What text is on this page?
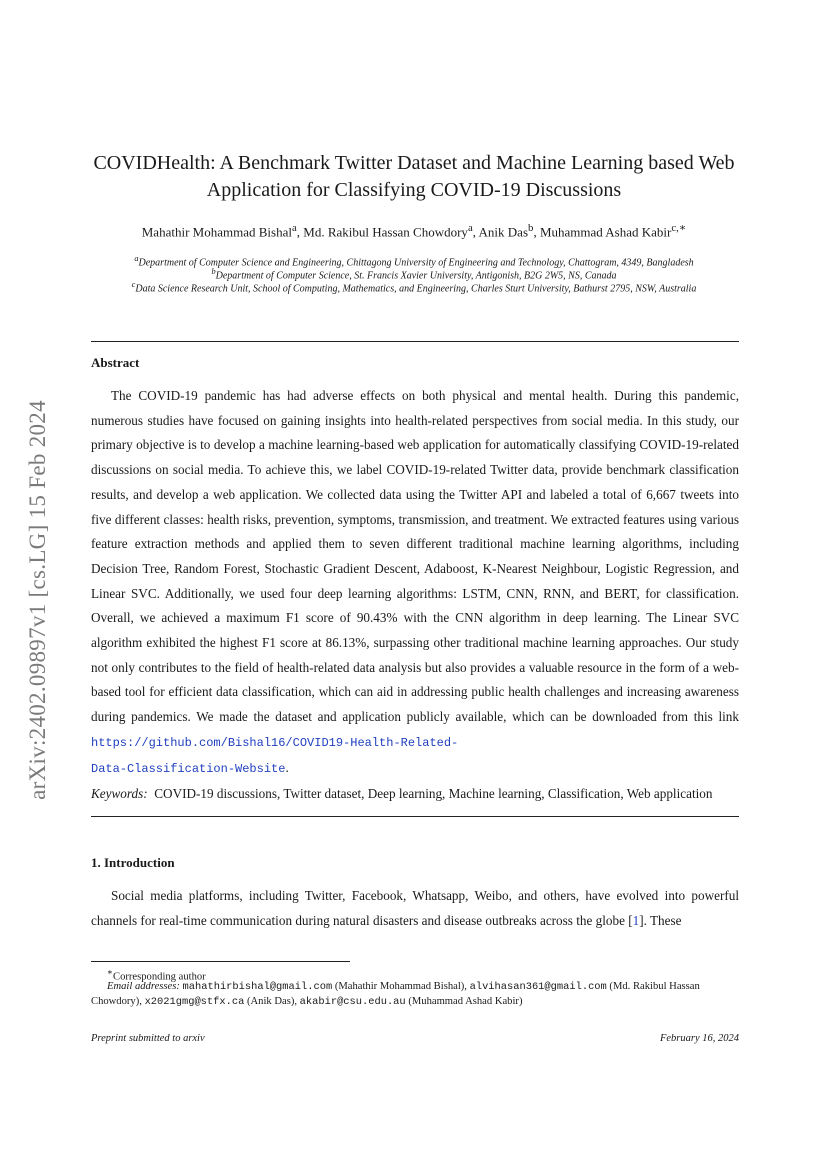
arXiv:2402.09897v1 [cs.LG] 15 Feb 2024
COVIDHealth: A Benchmark Twitter Dataset and Machine Learning based Web
Application for Classifying COVID-19 Discussions
Mahathir Mohammad Bishal$^a$, Md. Rakibul Hassan Chowdory$^a$, Anik Das$^b$, Muhammad Ashad Kabir$^{c,∗}$
$^a$Department of Computer Science and Engineering, Chittagong University of Engineering and Technology, Chattogram, 4349, Bangladesh
$^b$Department of Computer Science, St. Francis Xavier University, Antigonish, B2G 2W5, NS, Canada
$^c$Data Science Research Unit, School of Computing, Mathematics, and Engineering, Charles Sturt University, Bathurst 2795, NSW, Australia
Abstract
The COVID-19 pandemic has had adverse effects on both physical and mental health. During this pandemic, numerous studies have focused on gaining insights into health-related perspectives from social media. In this study, our primary objective is to develop a machine learning-based web application for automatically classifying COVID-19-related discussions on social media. To achieve this, we label COVID-19-related Twitter data, provide benchmark classification results, and develop a web application. We collected data using the Twitter API and labeled a total of 6,667 tweets into five different classes: health risks, prevention, symptoms, transmission, and treatment. We extracted features using various feature extraction methods and applied them to seven different traditional machine learning algorithms, including Decision Tree, Random Forest, Stochastic Gradient Descent, Adaboost, K-Nearest Neighbour, Logistic Regression, and Linear SVC. Additionally, we used four deep learning algorithms: LSTM, CNN, RNN, and BERT, for classification. Overall, we achieved a maximum F1 score of 90.43% with the CNN algorithm in deep learning. The Linear SVC algorithm exhibited the highest F1 score at 86.13%, surpassing other traditional machine learning approaches. Our study not only contributes to the field of health-related data analysis but also provides a valuable resource in the form of a web-based tool for efficient data classification, which can aid in addressing public health challenges and increasing awareness during pandemics. We made the dataset and application publicly available, which can be downloaded from this link https://github.com/Bishal16/COVID19-Health-Related-
Data-Classification-Website.
Keywords: COVID-19 discussions, Twitter dataset, Deep learning, Machine learning, Classification, Web application
1. Introduction
Social media platforms, including Twitter, Facebook, Whatsapp, Weibo, and others, have evolved into powerful channels for real-time communication during natural disasters and disease outbreaks across the globe [1]. These
∗Corresponding author
Email addresses: mahathirbishal@gmail.com (Mahathir Mohammad Bishal), alvihasan361@gmail.com (Md. Rakibul Hassan Chowdory), x2021gmg@stfx.ca (Anik Das), akabir@csu.edu.au (Muhammad Ashad Kabir)
Preprint submitted to arxiv	February 16, 2024
